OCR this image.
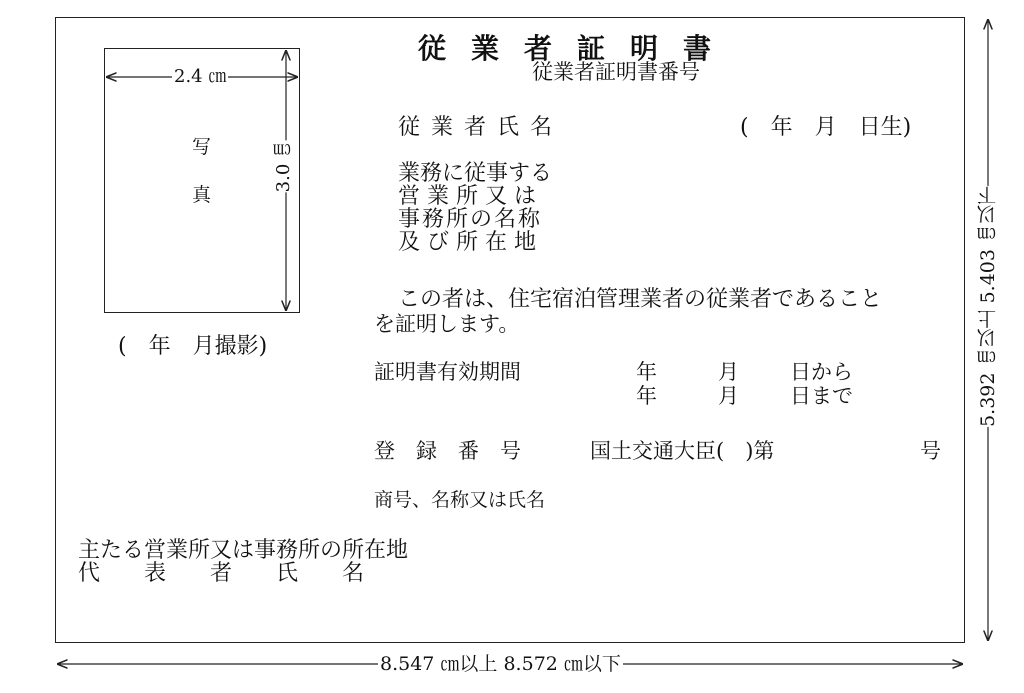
2.4 ㎝
3.0 ㎝
写
真
(　年　月撮影)
従業者証明書
従業者証明書番号
従 業 者 氏 名	(　年　月　日生)
業務に従事する
営 業 所 又 は
事務所の名称
及 び 所 在 地
この者は、住宅宿泊管理業者の従業者であること
を証明します。
証明書有効期間	年	月 日から
年	月 日まで
登　録　番　号	国土交通大臣(　)第	号
商号、名称又は氏名
主たる営業所又は事務所の所在地
代　　表　　者　　氏　　名
8.547 ㎝以上 8.572 ㎝以下
5.392 ㎝以上 5.403 ㎝以下
